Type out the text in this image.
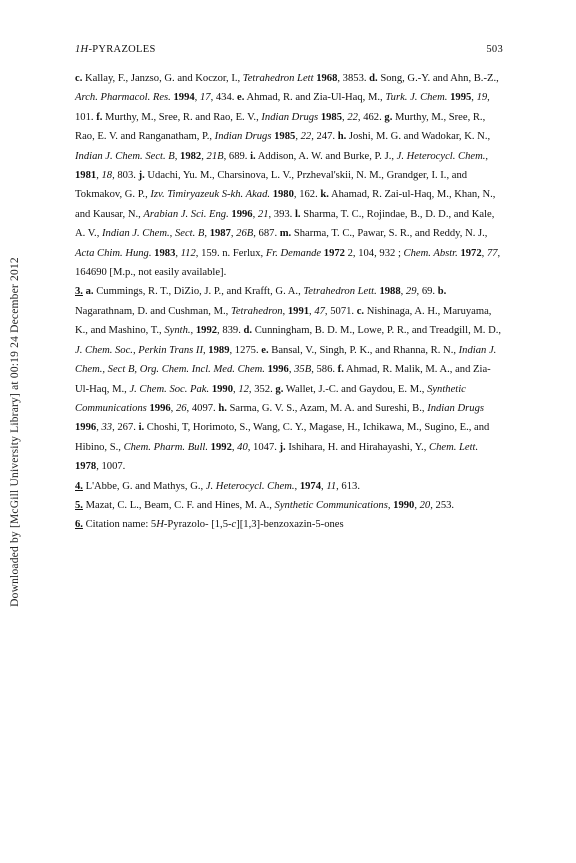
Downloaded by [McGill University Library] at 00:19 24 December 2012
1H-PYRAZOLES	503

c. Kallay, F., Janzso, G. and Koczor, I., Tetrahedron Lett 1968, 3853. d. Song, G.-Y. and Ahn, B.-Z., Arch. Pharmacol. Res. 1994, 17, 434. e. Ahmad, R. and Zia-Ul-Haq, M., Turk. J. Chem. 1995, 19, 101. f. Murthy, M., Sree, R. and Rao, E. V., Indian Drugs 1985, 22, 462. g. Murthy, M., Sree, R., Rao, E. V. and Ranganatham, P., Indian Drugs 1985, 22, 247. h. Joshi, M. G. and Wadokar, K. N., Indian J. Chem. Sect. B, 1982, 21B, 689. i. Addison, A. W. and Burke, P. J., J. Heterocycl. Chem., 1981, 18, 803. j. Udachi, Yu. M., Charsinova, L. V., Przheval'skii, N. M., Grandger, I. I., and Tokmakov, G. P., Izv. Timiryazeuk S-kh. Akad. 1980, 162. k. Ahamad, R. Zai-ul-Haq, M., Khan, N., and Kausar, N., Arabian J. Sci. Eng. 1996, 21, 393. l. Sharma, T. C., Rojindae, B., D. D., and Kale, A. V., Indian J. Chem., Sect. B, 1987, 26B, 687. m. Sharma, T. C., Pawar, S. R., and Reddy, N. J., Acta Chim. Hung. 1983, 112, 159. n. Ferlux, Fr. Demande 1972 2, 104, 932 ; Chem. Abstr. 1972, 77, 164690 [M.p., not easily available].

3. a. Cummings, R. T., DiZio, J. P., and Krafft, G. A., Tetrahedron Lett. 1988, 29, 69. b. Nagarathnam, D. and Cushman, M., Tetrahedron, 1991, 47, 5071. c. Nishinaga, A. H., Maruyama, K., and Mashino, T., Synth., 1992, 839. d. Cunningham, B. D. M., Lowe, P. R., and Treadgill, M. D., J. Chem. Soc., Perkin Trans II, 1989, 1275. e. Bansal, V., Singh, P. K., and Rhanna, R. N., Indian J. Chem., Sect B, Org. Chem. Incl. Med. Chem. 1996, 35B, 586. f. Ahmad, R. Malik, M. A., and Zia-Ul-Haq, M., J. Chem. Soc. Pak. 1990, 12, 352. g. Wallet, J.-C. and Gaydou, E. M., Synthetic Communications 1996, 26, 4097. h. Sarma, G. V. S., Azam, M. A. and Sureshi, B., Indian Drugs 1996, 33, 267. i. Choshi, T, Horimoto, S., Wang, C. Y., Magase, H., Ichikawa, M., Sugino, E., and Hibino, S., Chem. Pharm. Bull. 1992, 40, 1047. j. Ishihara, H. and Hirahayashi, Y., Chem. Lett. 1978, 1007.

4. L'Abbe, G. and Mathys, G., J. Heterocycl. Chem., 1974, 11, 613.

5. Mazat, C. L., Beam, C. F. and Hines, M. A., Synthetic Communications, 1990, 20, 253.

6. Citation name: 5H-Pyrazolo- [1,5-c][1,3]-benzoxazin-5-ones
